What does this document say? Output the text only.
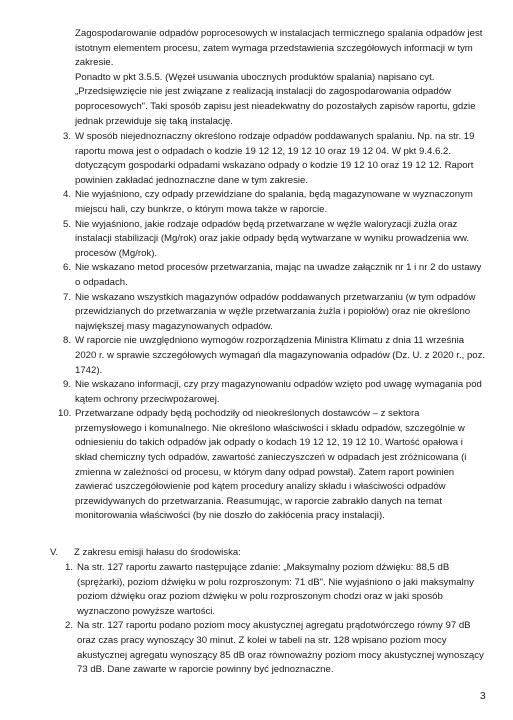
Zagospodarowanie odpadów poprocesowych w instalacjach termicznego spalania odpadów jest istotnym elementem procesu, zatem wymaga przedstawienia szczegółowych informacji w tym zakresie.

Ponadto w pkt 3.5.5. (Węzeł usuwania ubocznych produktów spalania) napisano cyt. „Przedsięwzięcie nie jest związane z realizacją instalacji do zagospodarowania odpadów poprocesowych". Taki sposób zapisu jest nieadekwatny do pozostałych zapisów raportu, gdzie jednak przewiduje się taką instalację.

3. W sposób niejednoznaczny określono rodzaje odpadów poddawanych spalaniu. Np. na str. 19 raportu mowa jest o odpadach o kodzie 19 12 12, 19 12 10 oraz 19 12 04. W pkt 9.4.6.2. dotyczącym gospodarki odpadami wskazano odpady o kodzie 19 12 10 oraz 19 12 12. Raport powinien zakładać jednoznaczne dane w tym zakresie.
4. Nie wyjaśniono, czy odpady przewidziane do spalania, będą magazynowane w wyznaczonym miejscu hali, czy bunkrze, o którym mowa także w raporcie.
5. Nie wyjaśniono, jakie rodzaje odpadów będą przetwarzane w węźle waloryzacji żużla oraz instalacji stabilizacji (Mg/rok) oraz jakie odpady będą wytwarzane w wyniku prowadzenia ww. procesów (Mg/rok).
6. Nie wskazano metod procesów przetwarzania, mając na uwadze załącznik nr 1 i nr 2 do ustawy o odpadach.
7. Nie wskazano wszystkich magazynów odpadów poddawanych przetwarzaniu (w tym odpadów przewidzianych do przetwarzania w węźle przetwarzania żużla i popiołów) oraz nie określono największej masy magazynowanych odpadów.
8. W raporcie nie uwzględniono wymogów rozporządzenia Ministra Klimatu z dnia 11 września 2020 r. w sprawie szczegółowych wymagań dla magazynowania odpadów (Dz. U. z 2020 r., poz. 1742).
9. Nie wskazano informacji, czy przy magazynowaniu odpadów wzięto pod uwagę wymagania pod kątem ochrony przeciwpożarowej.
10. Przetwarzane odpady będą pochodziły od nieokreślonych dostawców – z sektora przemysłowego i komunalnego. Nie określono właściwości i składu odpadów, szczególnie w odniesieniu do takich odpadów jak odpady o kodach 19 12 12, 19 12 10. Wartość opałowa i skład chemiczny tych odpadów, zawartość zanieczyszczeń w odpadach jest zróżnicowana (i zmienna w zależności od procesu, w którym dany odpad powstał). Zatem raport powinien zawierać uszczegółowienie pod kątem procedury analizy składu i właściwości odpadów przewidywanych do przetwarzania. Reasumując, w raporcie zabrakło danych na temat monitorowania właściwości (by nie doszło do zakłócenia pracy instalacji).
V. Z zakresu emisji hałasu do środowiska:
1. Na str. 127 raportu zawarto następujące zdanie: „Maksymalny poziom dźwięku: 88,5 dB (sprężarki), poziom dźwięku w polu rozproszonym: 71 dB". Nie wyjaśniono o jaki maksymalny poziom dźwięku oraz poziom dźwięku w polu rozproszonym chodzi oraz w jaki sposób wyznaczono powyższe wartości.
2. Na str. 127 raportu podano poziom mocy akustycznej agregatu prądotwórczego równy 97 dB oraz czas pracy wynoszący 30 minut. Z kolei w tabeli na str. 128 wpisano poziom mocy akustycznej agregatu wynoszący 85 dB oraz równoważny poziom mocy akustycznej wynoszący 73 dB. Dane zawarte w raporcie powinny być jednoznaczne.
3
